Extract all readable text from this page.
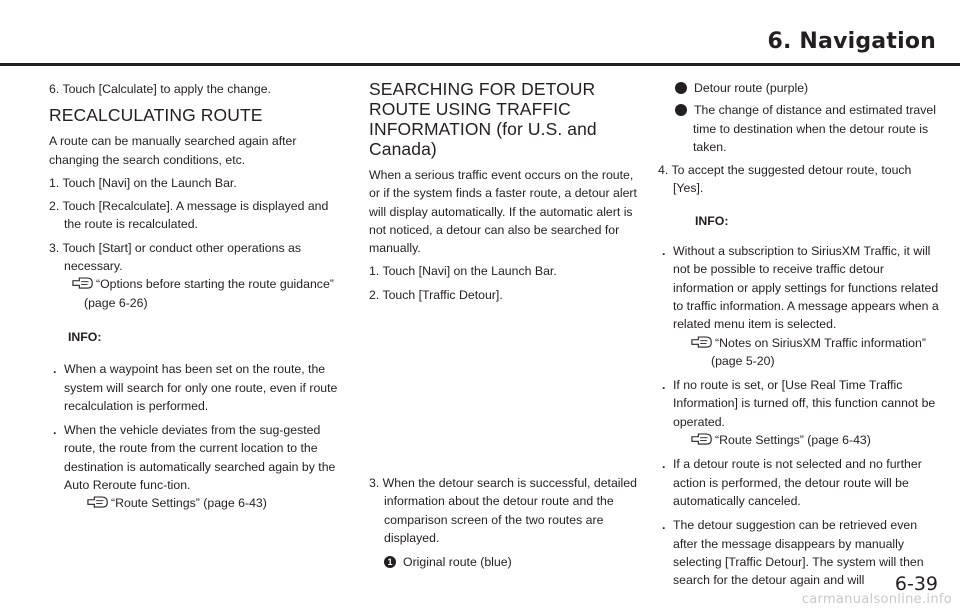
6. Navigation

6. Touch [Calculate] to apply the change.

RECALCULATING ROUTE

A route can be manually searched again after changing the search conditions, etc.

1. Touch [Navi] on the Launch Bar.

2. Touch [Recalculate]. A message is displayed and the route is recalculated.

3. Touch [Start] or conduct other operations as necessary.

“Options before starting the route guidance” (page 6-26)

INFO:

. When a waypoint has been set on the route, the system will search for only one route, even if route recalculation is performed.

. When the vehicle deviates from the sug-gested route, the route from the current location to the destination is automatically searched again by the Auto Reroute func-tion.

“Route Settings” (page 6-43)
SEARCHING FOR DETOUR ROUTE USING TRAFFIC INFORMATION (for U.S. and Canada)

When a serious traffic event occurs on the route, or if the system finds a faster route, a detour alert will display automatically. If the automatic alert is not noticed, a detour can also be searched for manually.

1. Touch [Navi] on the Launch Bar.

2. Touch [Traffic Detour].

3. When the detour search is successful, detailed information about the detour route and the comparison screen of the two routes are displayed.

1 Original route (blue)

2 Detour route (purple)

3 The change of distance and estimated travel time to destination when the detour route is taken.

4. To accept the suggested detour route, touch [Yes].

INFO:

. Without a subscription to SiriusXM Traffic, it will not be possible to receive traffic detour information or apply settings for functions related to traffic information. A message appears when a related menu item is selected.

“Notes on SiriusXM Traffic information” (page 5-20)

. If no route is set, or [Use Real Time Traffic Information] is turned off, this function cannot be operated.

“Route Settings” (page 6-43)

. If a detour route is not selected and no further action is performed, the detour route will be automatically canceled.

. The detour suggestion can be retrieved even after the message disappears by manually selecting [Traffic Detour]. The system will then search for the detour again and will	6-39
carmanualsonline.info
